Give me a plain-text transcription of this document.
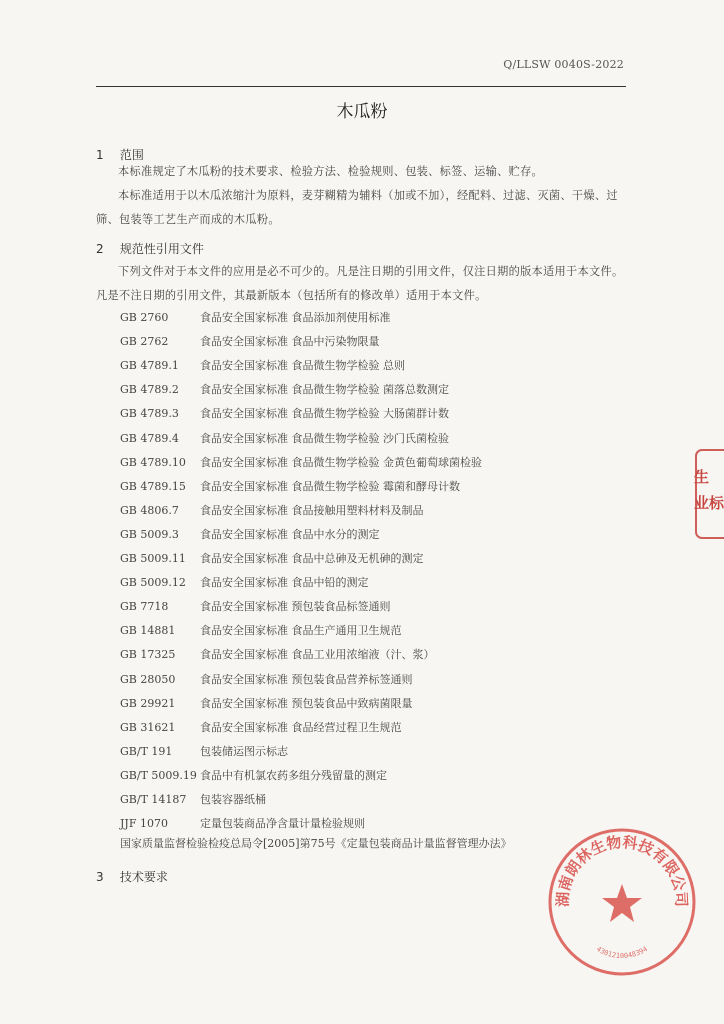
Q/LLSW 0040S-2022
木瓜粉
1 范围
本标准规定了木瓜粉的技术要求、检验方法、检验规则、包装、标签、运输、贮存。
本标准适用于以木瓜浓缩汁为原料，麦芽糊精为辅料（加或不加），经配料、过滤、灭菌、干燥、过筛、包装等工艺生产而成的木瓜粉。
2 规范性引用文件
下列文件对于本文件的应用是必不可少的。凡是注日期的引用文件，仅注日期的版本适用于本文件。凡是不注日期的引用文件，其最新版本（包括所有的修改单）适用于本文件。
GB 2760	食品安全国家标准 食品添加剂使用标准
GB 2762	食品安全国家标准 食品中污染物限量
GB 4789.1 食品安全国家标准 食品微生物学检验 总则
GB 4789.2 食品安全国家标准 食品微生物学检验 菌落总数测定
GB 4789.3 食品安全国家标准 食品微生物学检验 大肠菌群计数
GB 4789.4 食品安全国家标准 食品微生物学检验 沙门氏菌检验
GB 4789.10 食品安全国家标准 食品微生物学检验 金黄色葡萄球菌检验
GB 4789.15 食品安全国家标准 食品微生物学检验 霉菌和酵母计数
GB 4806.7 食品安全国家标准 食品接触用塑料材料及制品
GB 5009.3 食品安全国家标准 食品中水分的测定
GB 5009.11 食品安全国家标准 食品中总砷及无机砷的测定
GB 5009.12 食品安全国家标准 食品中铅的测定
GB 7718	食品安全国家标准 预包装食品标签通则
GB 14881 食品安全国家标准 食品生产通用卫生规范
GB 17325 食品安全国家标准 食品工业用浓缩液（汁、浆）
GB 28050 食品安全国家标准 预包装食品营养标签通则
GB 29921 食品安全国家标准 预包装食品中致病菌限量
GB 31621 食品安全国家标准 食品经营过程卫生规范
GB/T 191	包装储运图示标志
GB/T 5009.19 食品中有机氯农药多组分残留量的测定
GB/T 14187 包装容器纸桶
JJF 1070	定量包装商品净含量计量检验规则
国家质量监督检验检疫总局令[2005]第75号《定量包装商品计量监督管理办法》
3 技术要求
生
业标
湖南朗林生物科技有限公司
4301210048394
